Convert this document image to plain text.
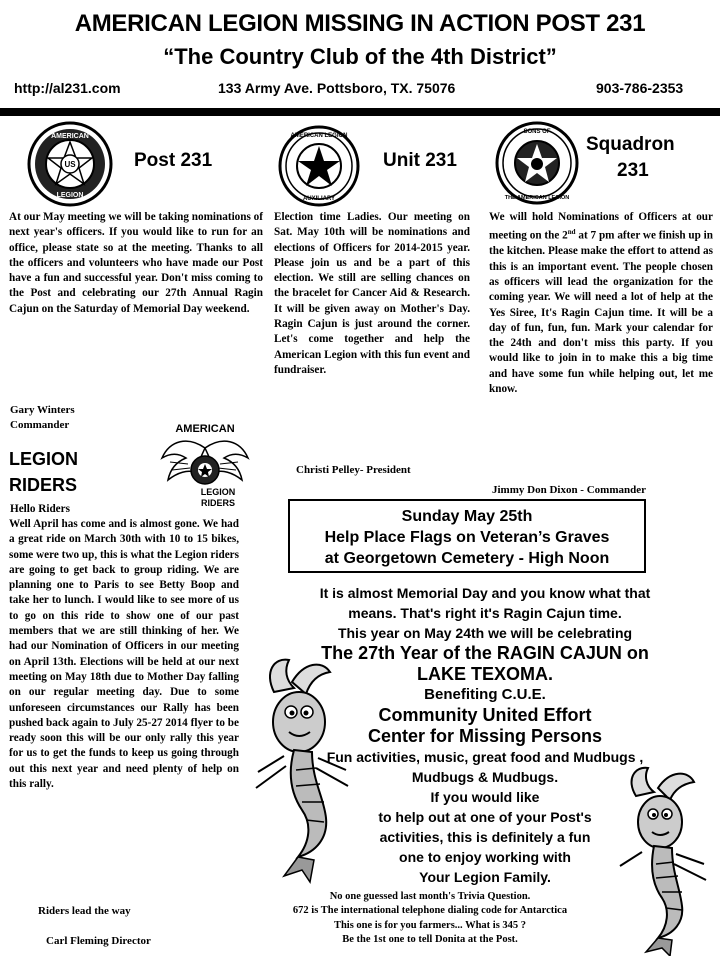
AMERICAN LEGION MISSING IN ACTION POST 231
“The Country Club of the 4th District”
http://al231.com	133 Army Ave. Pottsboro, TX. 75076	903-786-2353
AMERICAN
US
LEGION
Post 231
At our May meeting we will be taking nominations of next year's officers. If you would like to run for an office, please state so at the meeting. Thanks to all the officers and volunteers who have made our Post have a fun and successful year. Don't miss coming to the Post and celebrating our 27th Annual Ragin Cajun on the Saturday of Memorial Day weekend.
Gary Winters
Commander
LEGION
RIDERS
AMERICAN
LEGION
RIDERS
Hello Riders
Well April has come and is almost gone. We had a great ride on March 30th with 10 to 15 bikes, some were two up, this is what the Legion riders are going to get back to group riding. We are planning one to Paris to see Betty Boop and take her to lunch. I would like to see more of us to go on this ride to show one of our past members that we are still thinking of her. We had our Nomination of Officers in our meeting on April 13th. Elections will be held at our next meeting on May 18th due to Mother Day falling on our regular meeting day. Due to some unforeseen circumstances our Rally has been pushed back again to July 25-27 2014 flyer to be ready soon this will be our only rally this year for us to get the funds to keep us going through out this next year and need plenty of help on this rally.
Riders lead the way
Carl Fleming Director
AMERICAN LEGION
AUXILIARY
Unit 231
Election time Ladies. Our meeting on Sat. May 10th will be nominations and elections of Officers for 2014-2015 year. Please join us and be a part of this election. We still are selling chances on the bracelet for Cancer Aid & Research. It will be given away on Mother's Day. Ragin Cajun is just around the corner. Let's come together and help the American Legion with this fun event and fundraiser.
Christi Pelley- President
SONS OF
THE AMERICAN LEGION
Squadron
231
We will hold Nominations of Officers at our meeting on the 2nd at 7 pm after we finish up in the kitchen. Please make the effort to attend as this is an important event. The people chosen as officers will lead the organization for the coming year. We will need a lot of help at the Yes Siree, It's Ragin Cajun time. It will be a day of fun, fun, fun. Mark your calendar for the 24th and don't miss this party. If you would like to join in to make this a big time and have some fun while helping out, let me know.
Jimmy Don Dixon - Commander
Sunday May 25th
Help Place Flags on Veteran’s Graves
at Georgetown Cemetery - High Noon
It is almost Memorial Day and you know what that
means. That's right it's Ragin Cajun time.
This year on May 24th we will be celebrating
The 27th Year of the RAGIN CAJUN on
LAKE TEXOMA.
Benefiting C.U.E.
Community United Effort
Center for Missing Persons
Fun activities, music, great food and Mudbugs ,
Mudbugs & Mudbugs.
If you would like
to help out at one of your Post's
activities, this is definitely a fun
one to enjoy working with
Your Legion Family.
No one guessed last month's Trivia Question.
672 is The international telephone dialing code for Antarctica
This one is for you farmers... What is 345 ?
Be the 1st one to tell Donita at the Post.
